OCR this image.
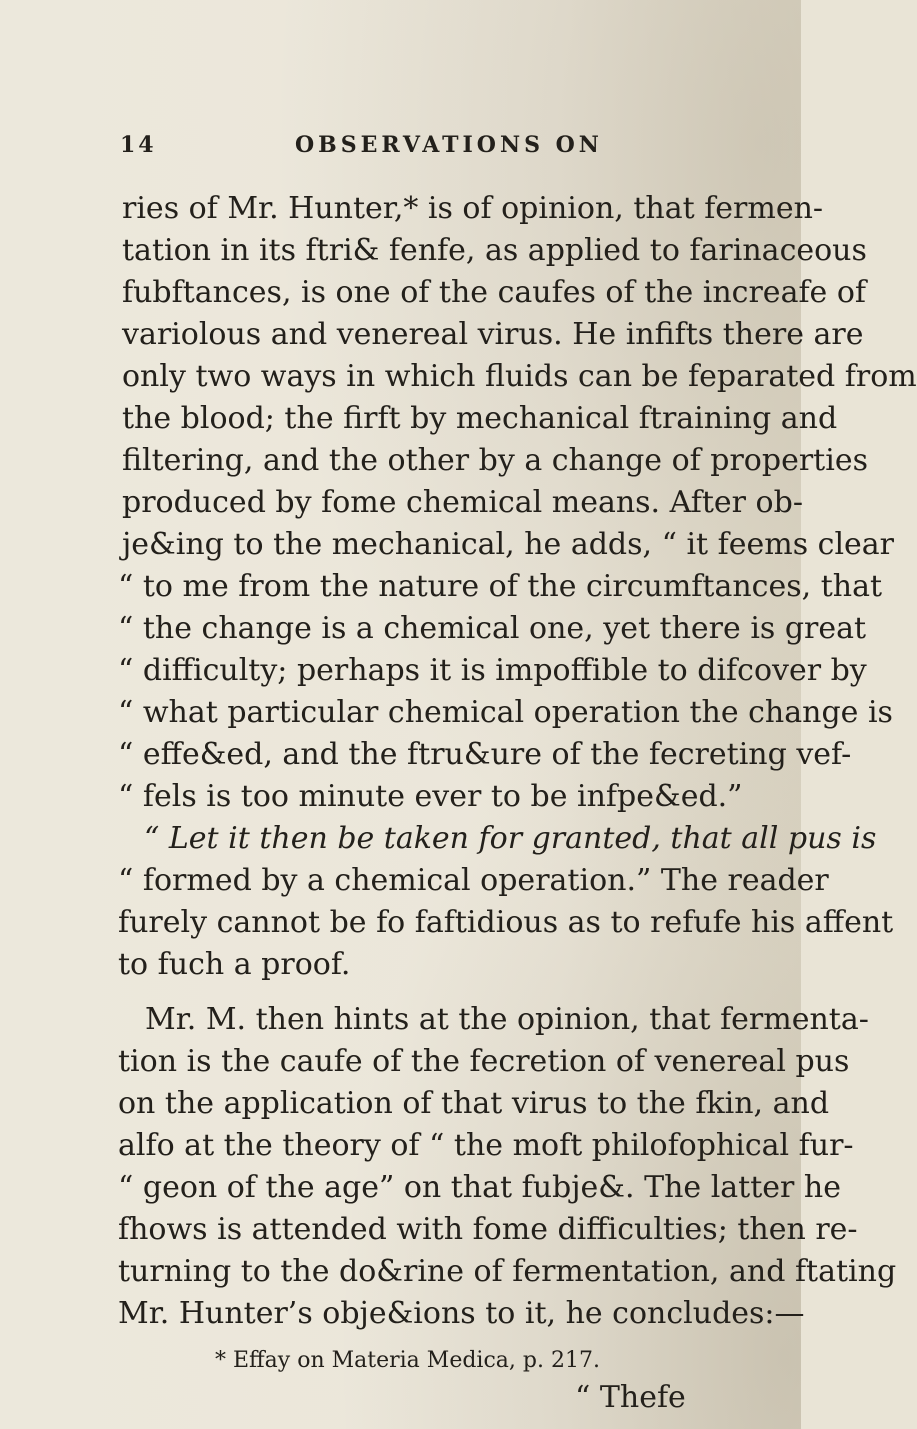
14	OBSERVATIONS ON
ries of Mr. Hunter,* is of opinion, that fermen-
tation in its ftri& fenfe, as applied to farinaceous
fubftances, is one of the caufes of the increafe of
variolous and venereal virus. He infifts there are
only two ways in which fluids can be feparated from
the blood; the firft by mechanical ftraining and
filtering, and the other by a change of properties
produced by fome chemical means. After ob-
je&ing to the mechanical, he adds, “ it feems clear
“ to me from the nature of the circumftances, that
“ the change is a chemical one, yet there is great
“ difficulty; perhaps it is impoffible to difcover by
“ what particular chemical operation the change is
“ effe&ed, and the ftru&ure of the fecreting vef-
“ fels is too minute ever to be infpe&ed.”
“ Let it then be taken for granted, that all pus is
“ formed by a chemical operation.” The reader
furely cannot be fo faftidious as to refufe his affent
to fuch a proof.
Mr. M. then hints at the opinion, that fermenta-
tion is the caufe of the fecretion of venereal pus
on the application of that virus to the fkin, and
alfo at the theory of “ the moft philofophical fur-
“ geon of the age” on that fubje&. The latter he
fhows is attended with fome difficulties; then re-
turning to the do&rine of fermentation, and ftating
Mr. Hunter’s obje&ions to it, he concludes:—
* Effay on Materia Medica, p. 217.
“ Thefe
